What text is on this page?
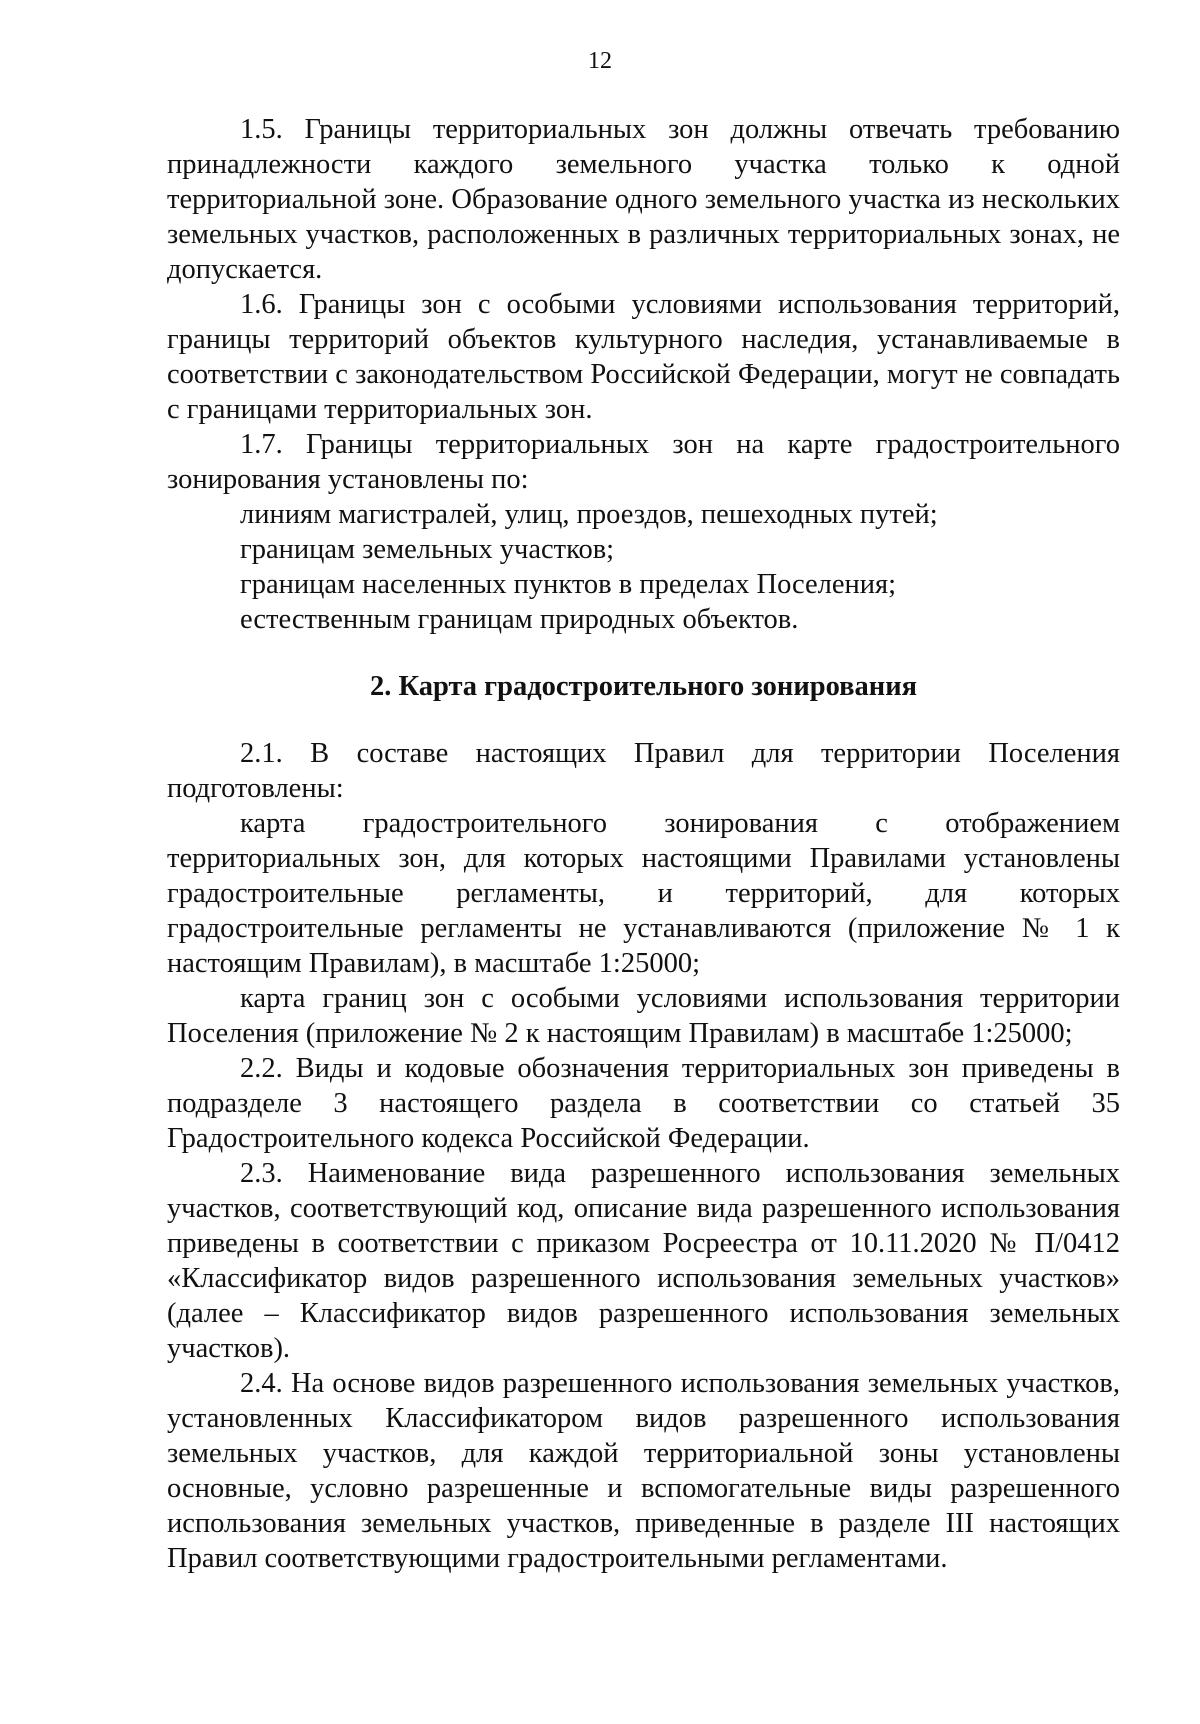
12

1.5. Границы территориальных зон должны отвечать требованию принадлежности каждого земельного участка только к одной территориальной зоне. Образование одного земельного участка из нескольких земельных участков, расположенных в различных территориальных зонах, не допускается.

1.6. Границы зон с особыми условиями использования территорий, границы территорий объектов культурного наследия, устанавливаемые в соответствии с законодательством Российской Федерации, могут не совпадать с границами территориальных зон.

1.7. Границы территориальных зон на карте градостроительного зонирования установлены по:

линиям магистралей, улиц, проездов, пешеходных путей;

границам земельных участков;

границам населенных пунктов в пределах Поселения;

естественным границам природных объектов.

2. Карта градостроительного зонирования

2.1. В составе настоящих Правил для территории Поселения подготовлены:

карта градостроительного зонирования с отображением территориальных зон, для которых настоящими Правилами установлены градостроительные регламенты, и территорий, для которых градостроительные регламенты не устанавливаются (приложение № 1 к настоящим Правилам), в масштабе 1:25000;

карта границ зон с особыми условиями использования территории Поселения (приложение № 2 к настоящим Правилам) в масштабе 1:25000;

2.2. Виды и кодовые обозначения территориальных зон приведены в подразделе 3 настоящего раздела в соответствии со статьей 35 Градостроительного кодекса Российской Федерации.

2.3. Наименование вида разрешенного использования земельных участков, соответствующий код, описание вида разрешенного использования приведены в соответствии с приказом Росреестра от 10.11.2020 № П/0412 «Классификатор видов разрешенного использования земельных участков» (далее – Классификатор видов разрешенного использования земельных участков).

2.4. На основе видов разрешенного использования земельных участков, установленных Классификатором видов разрешенного использования земельных участков, для каждой территориальной зоны установлены основные, условно разрешенные и вспомогательные виды разрешенного использования земельных участков, приведенные в разделе III настоящих Правил соответствующими градостроительными регламентами.
